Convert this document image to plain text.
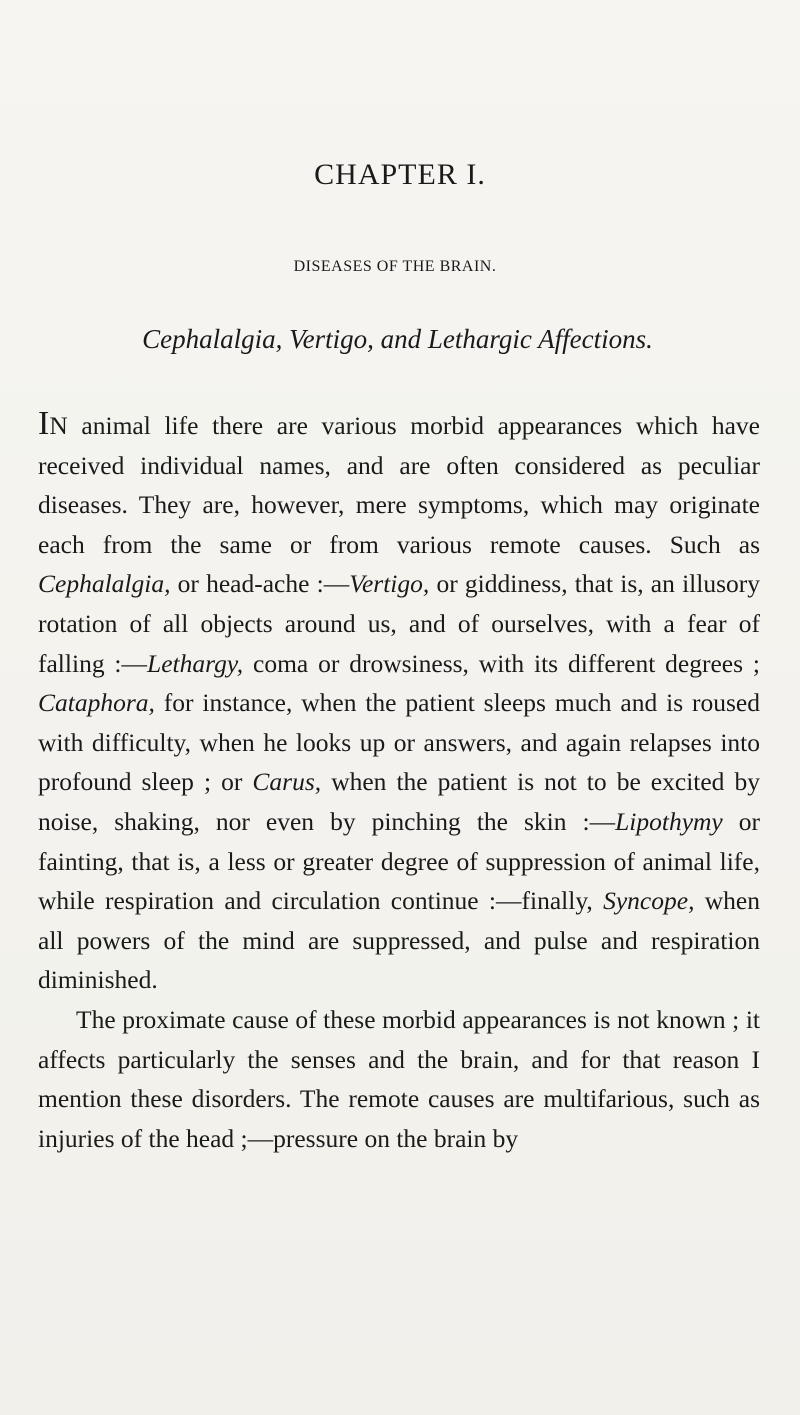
CHAPTER I.
DISEASES OF THE BRAIN.
Cephalalgia, Vertigo, and Lethargic Affections.

IN animal life there are various morbid appearances which have received individual names, and are often considered as peculiar diseases. They are, however, mere symptoms, which may originate each from the same or from various remote causes. Such as Cephalalgia, or head-ache :—Vertigo, or giddiness, that is, an illusory rotation of all objects around us, and of ourselves, with a fear of falling :—Lethargy, coma or drowsiness, with its different degrees ; Cataphora, for instance, when the patient sleeps much and is roused with difficulty, when he looks up or answers, and again relapses into profound sleep ; or Carus, when the patient is not to be excited by noise, shaking, nor even by pinching the skin :—Lipothymy or fainting, that is, a less or greater degree of suppression of animal life, while respiration and circulation continue :—finally, Syncope, when all powers of the mind are suppressed, and pulse and respiration diminished.

The proximate cause of these morbid appearances is not known ; it affects particularly the senses and the brain, and for that reason I mention these disorders. The remote causes are multifarious, such as injuries of the head ;—pressure on the brain by
